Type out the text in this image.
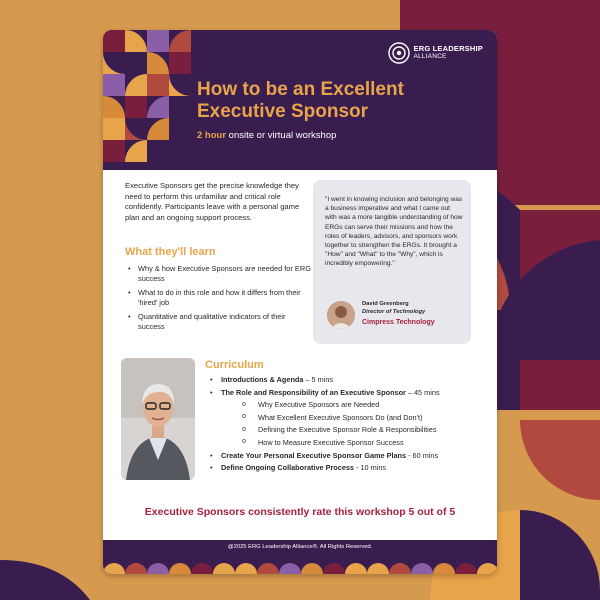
ERG LEADERSHIP
ALLIANCE
How to be an Excellent Executive Sponsor
2 hour onsite or virtual workshop

Executive Sponsors get the precise knowledge they need to perform this unfamiliar and critical role confidently. Participants leave with a personal game plan and an ongoing support process.

What they'll learn
• Why & how Executive Sponsors are needed for ERG success
• What to do in this role and how it differs from their 'hired' job
• Quantitative and qualitative indicators of their success

"I went in knowing inclusion and belonging was a business imperative and what I came out with was a more tangible understanding of how ERGs can serve their missions and how the roles of leaders, advisors, and sponsors work together to strengthen the ERGs. It brought a "How" and "What" to the "Why", which is incredibly empowering."

David Greenberg
Director of Technology
Cimpress Technology
Curriculum
• Introductions & Agenda – 5 mins
• The Role and Responsibility of an Executive Sponsor – 45 mins
o Why Executive Sponsors are Needed
o What Excellent Executive Sponsors Do (and Don't)
o Defining the Executive Sponsor Role & Responsibilities
o How to Measure Executive Sponsor Success
• Create Your Personal Executive Sponsor Game Plans - 60 mins
• Define Ongoing Collaborative Process - 10 mins

Executive Sponsors consistently rate this workshop 5 out of 5

@2025 ERG Leadership Alliance®. All Rights Reserved.
